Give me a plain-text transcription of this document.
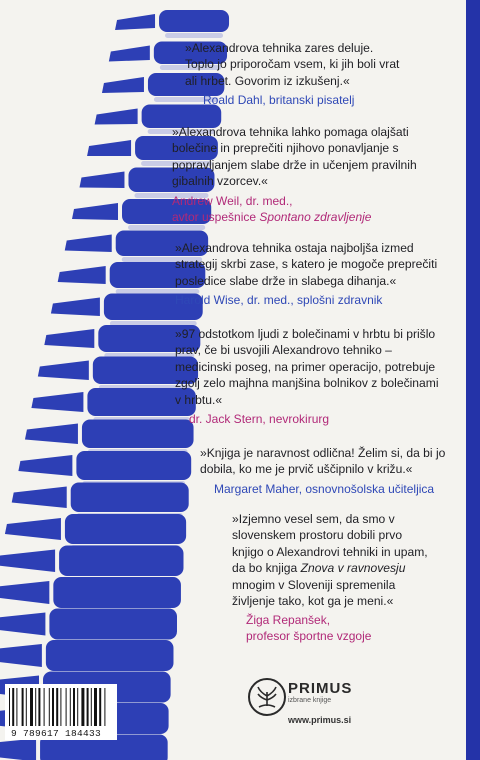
»Alexandrova tehnika zares deluje. Toplo jo priporočam vsem, ki jih boli vrat ali hrbet. Govorim iz izkušenj.«
Roald Dahl, britanski pisatelj
»Alexandrova tehnika lahko pomaga olajšati bolečine in preprečiti njihovo ponavljanje s popravljanjem slabe drže in učenjem pravilnih gibalnih vzorcev.«
Andrew Weil, dr. med.,
avtor uspešnice Spontano zdravljenje
»Alexandrova tehnika ostaja najboljša izmed strategij skrbi zase, s katero je mogoče preprečiti posledice slabe drže in slabega dihanja.«
Harold Wise, dr. med., splošni zdravnik
»97 odstotkom ljudi z bolečinami v hrbtu bi prišlo prav, če bi usvojili Alexandrovo tehniko – medicinski poseg, na primer operacijo, potrebuje zgolj zelo majhna manjšina bolnikov z bolečinami v hrbtu.«
dr. Jack Stern, nevrokirurg
»Knjiga je naravnost odlična! Želim si, da bi jo dobila, ko me je prvič uščipnilo v križu.«
Margaret Maher, osnovnošolska učiteljica
»Izjemno vesel sem, da smo v slovenskem prostoru dobili prvo knjigo o Alexandrovi tehniki in upam, da bo knjiga Znova v ravnovesju mnogim v Sloveniji spremenila življenje tako, kot ga je meni.«
Žiga Repanšek,
profesor športne vzgoje
9 789617 184433
PRIMUS
izbrane knjige
www.primus.si
